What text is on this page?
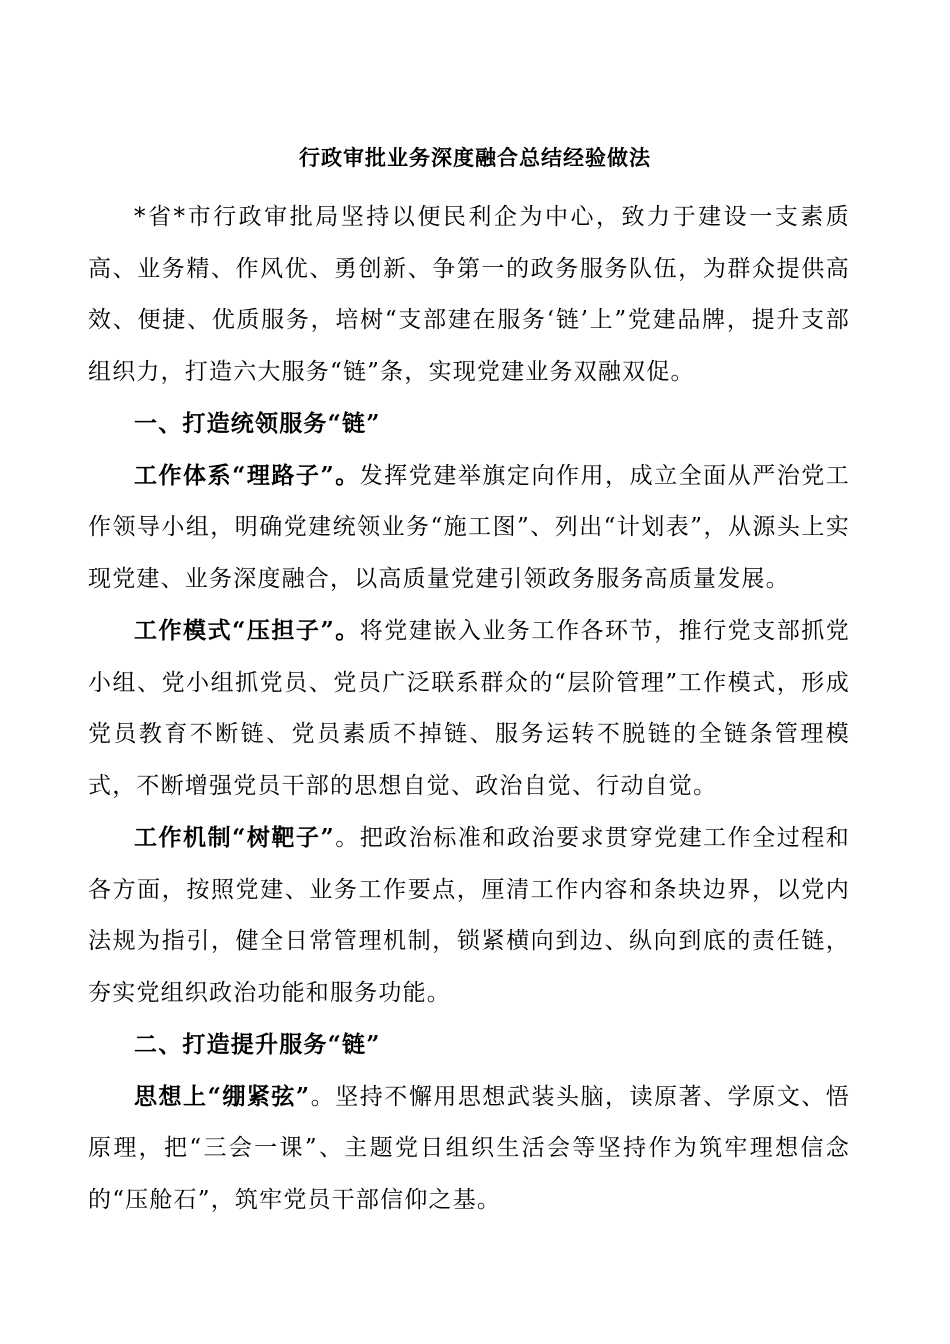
行政审批业务深度融合总结经验做法

*省*市行政审批局坚持以便民利企为中心，致力于建设一支素质高、业务精、作风优、勇创新、争第一的政务服务队伍，为群众提供高效、便捷、优质服务，培树“支部建在服务‘链’上”党建品牌，提升支部组织力，打造六大服务“链”条，实现党建业务双融双促。

一、打造统领服务“链”

工作体系“理路子”。发挥党建举旗定向作用，成立全面从严治党工作领导小组，明确党建统领业务“施工图”、列出“计划表”，从源头上实现党建、业务深度融合，以高质量党建引领政务服务高质量发展。

工作模式“压担子”。将党建嵌入业务工作各环节，推行党支部抓党小组、党小组抓党员、党员广泛联系群众的“层阶管理”工作模式，形成党员教育不断链、党员素质不掉链、服务运转不脱链的全链条管理模式，不断增强党员干部的思想自觉、政治自觉、行动自觉。

工作机制“树靶子”。把政治标准和政治要求贯穿党建工作全过程和各方面，按照党建、业务工作要点，厘清工作内容和条块边界，以党内法规为指引，健全日常管理机制，锁紧横向到边、纵向到底的责任链，夯实党组织政治功能和服务功能。

二、打造提升服务“链”

思想上“绷紧弦”。坚持不懈用思想武装头脑，读原著、学原文、悟原理，把“三会一课”、主题党日组织生活会等坚持作为筑牢理想信念的“压舱石”，筑牢党员干部信仰之基。
